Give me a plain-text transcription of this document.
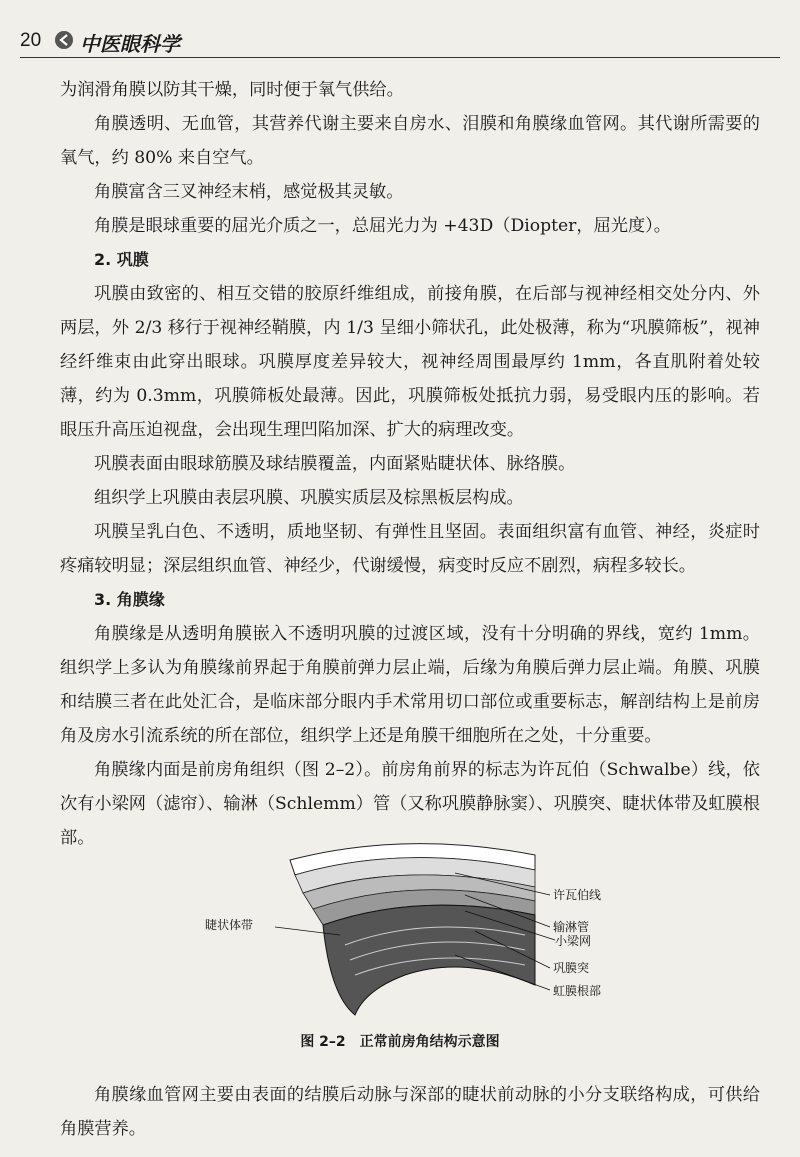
20 中医眼科学

为润滑角膜以防其干燥，同时便于氧气供给。

角膜透明、无血管，其营养代谢主要来自房水、泪膜和角膜缘血管网。其代谢所需要的氧气，约 80% 来自空气。

角膜富含三叉神经末梢，感觉极其灵敏。

角膜是眼球重要的屈光介质之一，总屈光力为 +43D（Diopter，屈光度）。

2. 巩膜

巩膜由致密的、相互交错的胶原纤维组成，前接角膜，在后部与视神经相交处分内、外两层，外 2/3 移行于视神经鞘膜，内 1/3 呈细小筛状孔，此处极薄，称为“巩膜筛板”，视神经纤维束由此穿出眼球。巩膜厚度差异较大，视神经周围最厚约 1mm，各直肌附着处较薄，约为 0.3mm，巩膜筛板处最薄。因此，巩膜筛板处抵抗力弱，易受眼内压的影响。若眼压升高压迫视盘，会出现生理凹陷加深、扩大的病理改变。

巩膜表面由眼球筋膜及球结膜覆盖，内面紧贴睫状体、脉络膜。

组织学上巩膜由表层巩膜、巩膜实质层及棕黑板层构成。

巩膜呈乳白色、不透明，质地坚韧、有弹性且坚固。表面组织富有血管、神经，炎症时疼痛较明显；深层组织血管、神经少，代谢缓慢，病变时反应不剧烈，病程多较长。

3. 角膜缘

角膜缘是从透明角膜嵌入不透明巩膜的过渡区域，没有十分明确的界线，宽约 1mm。组织学上多认为角膜缘前界起于角膜前弹力层止端，后缘为角膜后弹力层止端。角膜、巩膜和结膜三者在此处汇合，是临床部分眼内手术常用切口部位或重要标志，解剖结构上是前房角及房水引流系统的所在部位，组织学上还是角膜干细胞所在之处，十分重要。

角膜缘内面是前房角组织（图 2–2）。前房角前界的标志为许瓦伯（Schwalbe）线，依次有小梁网（滤帘）、输淋（Schlemm）管（又称巩膜静脉窦）、巩膜突、睫状体带及虹膜根部。

许瓦伯线
输淋管
小梁网
睫状体带
巩膜突
虹膜根部
图 2–2　正常前房角结构示意图

角膜缘血管网主要由表面的结膜后动脉与深部的睫状前动脉的小分支联络构成，可供给角膜营养。
